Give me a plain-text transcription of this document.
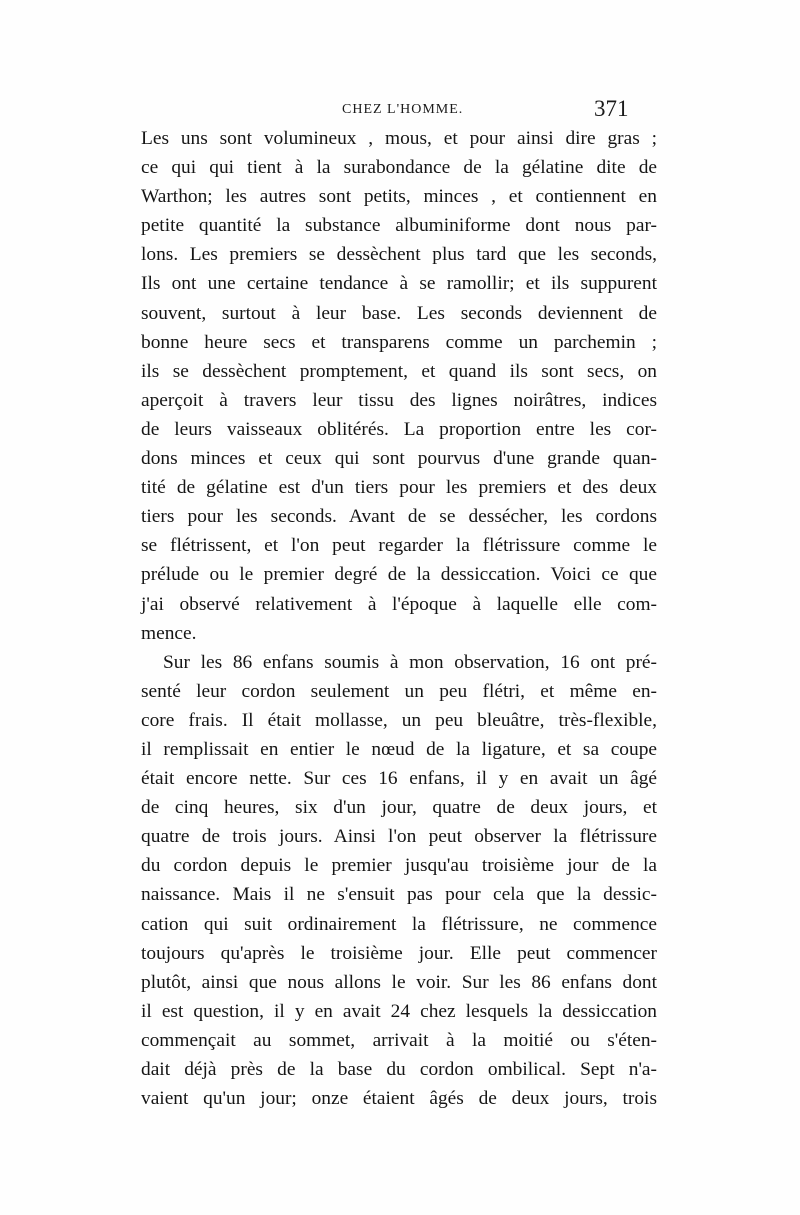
CHEZ L'HOMME.	371
Les uns sont volumineux , mous, et pour ainsi dire gras ;
ce qui qui tient à la surabondance de la gélatine dite de
Warthon; les autres sont petits, minces , et contiennent en
petite quantité la substance albuminiforme dont nous par-
lons. Les premiers se dessèchent plus tard que les seconds,
Ils ont une certaine tendance à se ramollir; et ils suppurent
souvent, surtout à leur base. Les seconds deviennent de
bonne heure secs et transparens comme un parchemin ;
ils se dessèchent promptement, et quand ils sont secs, on
aperçoit à travers leur tissu des lignes noirâtres, indices
de leurs vaisseaux oblitérés. La proportion entre les cor-
dons minces et ceux qui sont pourvus d'une grande quan-
tité de gélatine est d'un tiers pour les premiers et des deux
tiers pour les seconds. Avant de se dessécher, les cordons
se flétrissent, et l'on peut regarder la flétrissure comme le
prélude ou le premier degré de la dessiccation. Voici ce que
j'ai observé relativement à l'époque à laquelle elle com-
mence.
Sur les 86 enfans soumis à mon observation, 16 ont pré-
senté leur cordon seulement un peu flétri, et même en-
core frais. Il était mollasse, un peu bleuâtre, très-flexible,
il remplissait en entier le nœud de la ligature, et sa coupe
était encore nette. Sur ces 16 enfans, il y en avait un âgé
de cinq heures, six d'un jour, quatre de deux jours, et
quatre de trois jours. Ainsi l'on peut observer la flétrissure
du cordon depuis le premier jusqu'au troisième jour de la
naissance. Mais il ne s'ensuit pas pour cela que la dessic-
cation qui suit ordinairement la flétrissure, ne commence
toujours qu'après le troisième jour. Elle peut commencer
plutôt, ainsi que nous allons le voir. Sur les 86 enfans dont
il est question, il y en avait 24 chez lesquels la dessiccation
commençait au sommet, arrivait à la moitié ou s'éten-
dait déjà près de la base du cordon ombilical. Sept n'a-
vaient qu'un jour; onze étaient âgés de deux jours, trois
